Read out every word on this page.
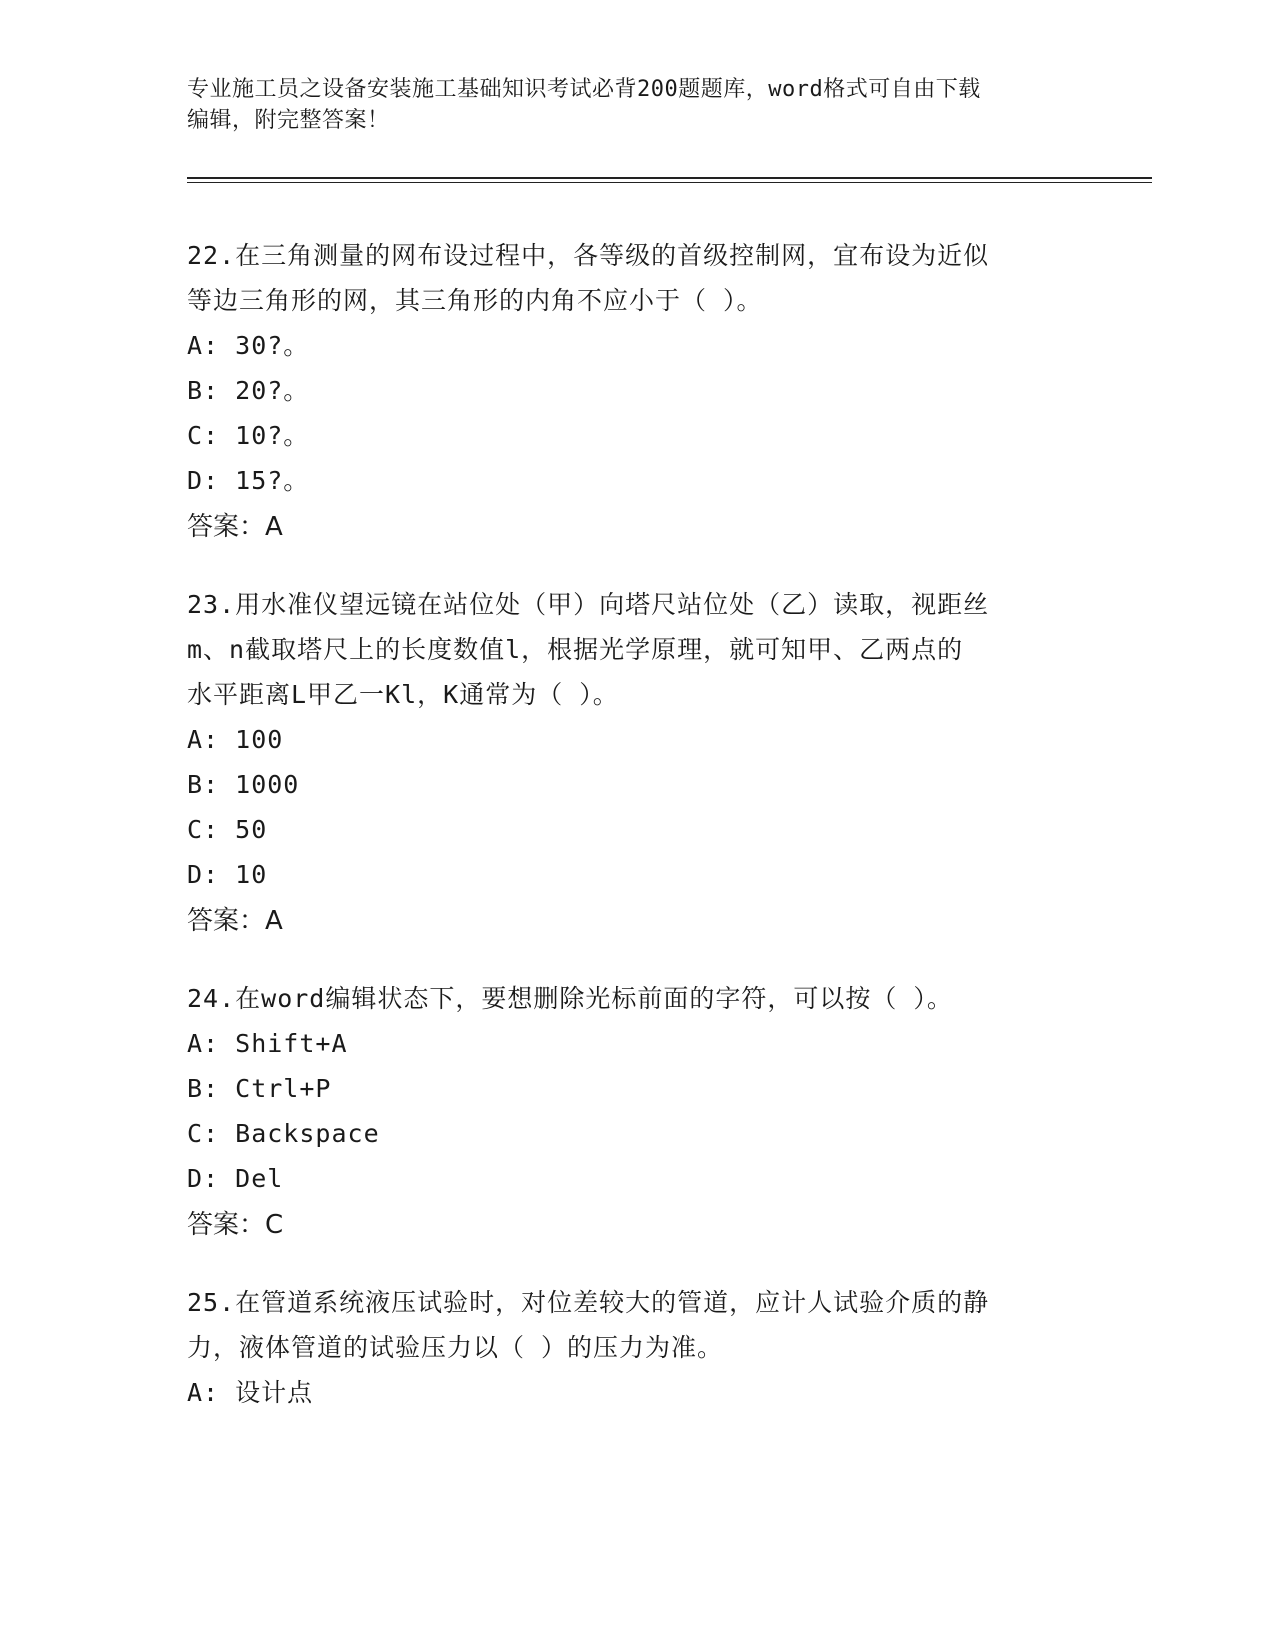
专业施工员之设备安装施工基础知识考试必背200题题库，word格式可自由下载
编辑，附完整答案！
22.在三角测量的网布设过程中，各等级的首级控制网，宜布设为近似
等边三角形的网，其三角形的内角不应小于（ ）。
A: 30?。
B: 20?。
C: 10?。
D: 15?。
答案：A
23.用水准仪望远镜在站位处（甲）向塔尺站位处（乙）读取，视距丝
m、n截取塔尺上的长度数值l，根据光学原理，就可知甲、乙两点的
水平距离L甲乙一Kl，K通常为（ ）。
A: 100
B: 1000
C: 50
D: 10
答案：A
24.在word编辑状态下，要想删除光标前面的字符，可以按（ ）。
A: Shift+A
B: Ctrl+P
C: Backspace
D: Del
答案：C
25.在管道系统液压试验时，对位差较大的管道，应计人试验介质的静
力，液体管道的试验压力以（ ）的压力为准。
A: 设计点
